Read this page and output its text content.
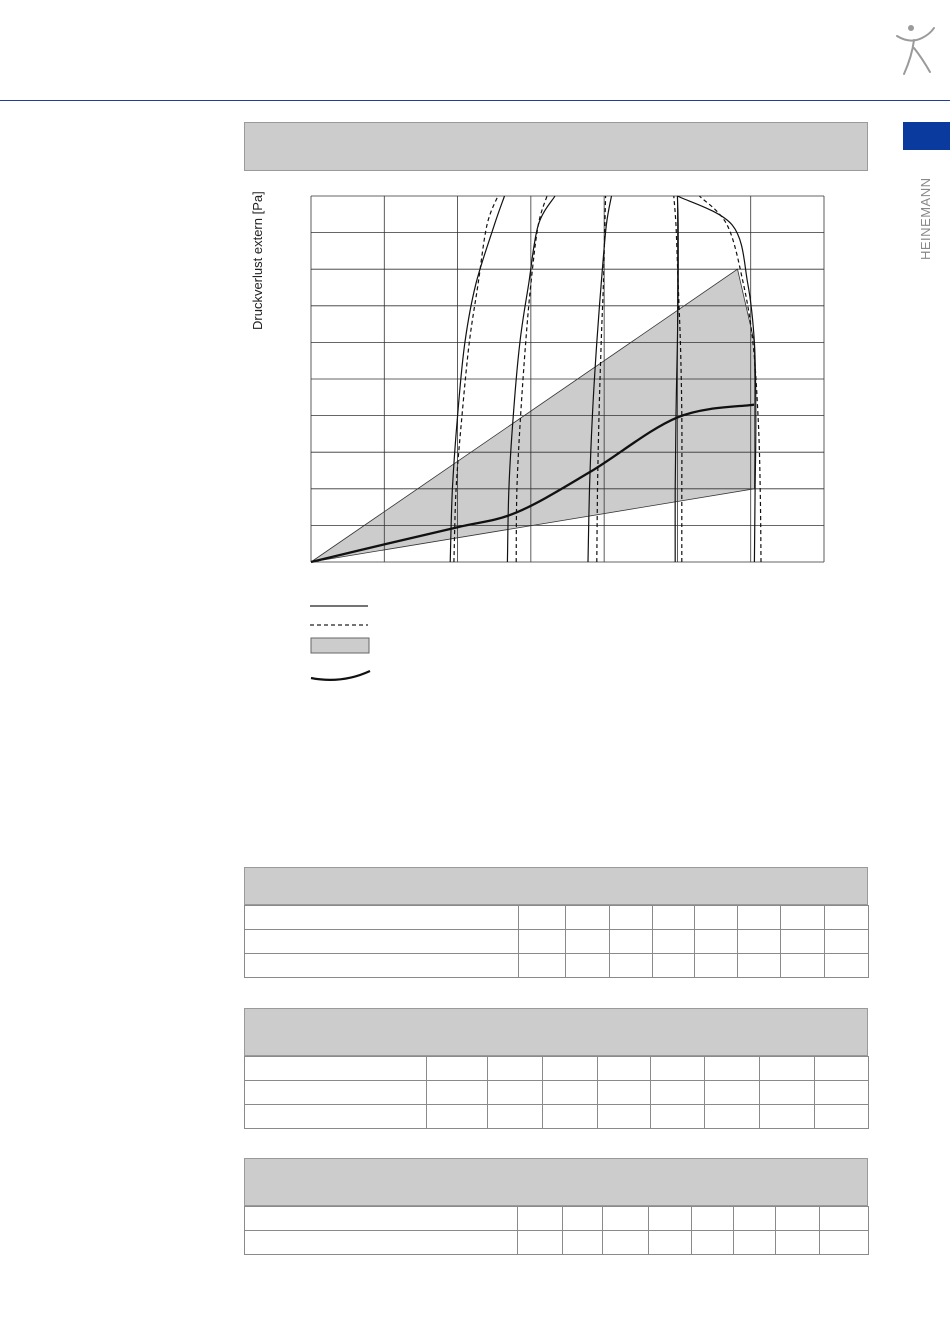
HEINEMANN
Druckverlust extern [Pa]
